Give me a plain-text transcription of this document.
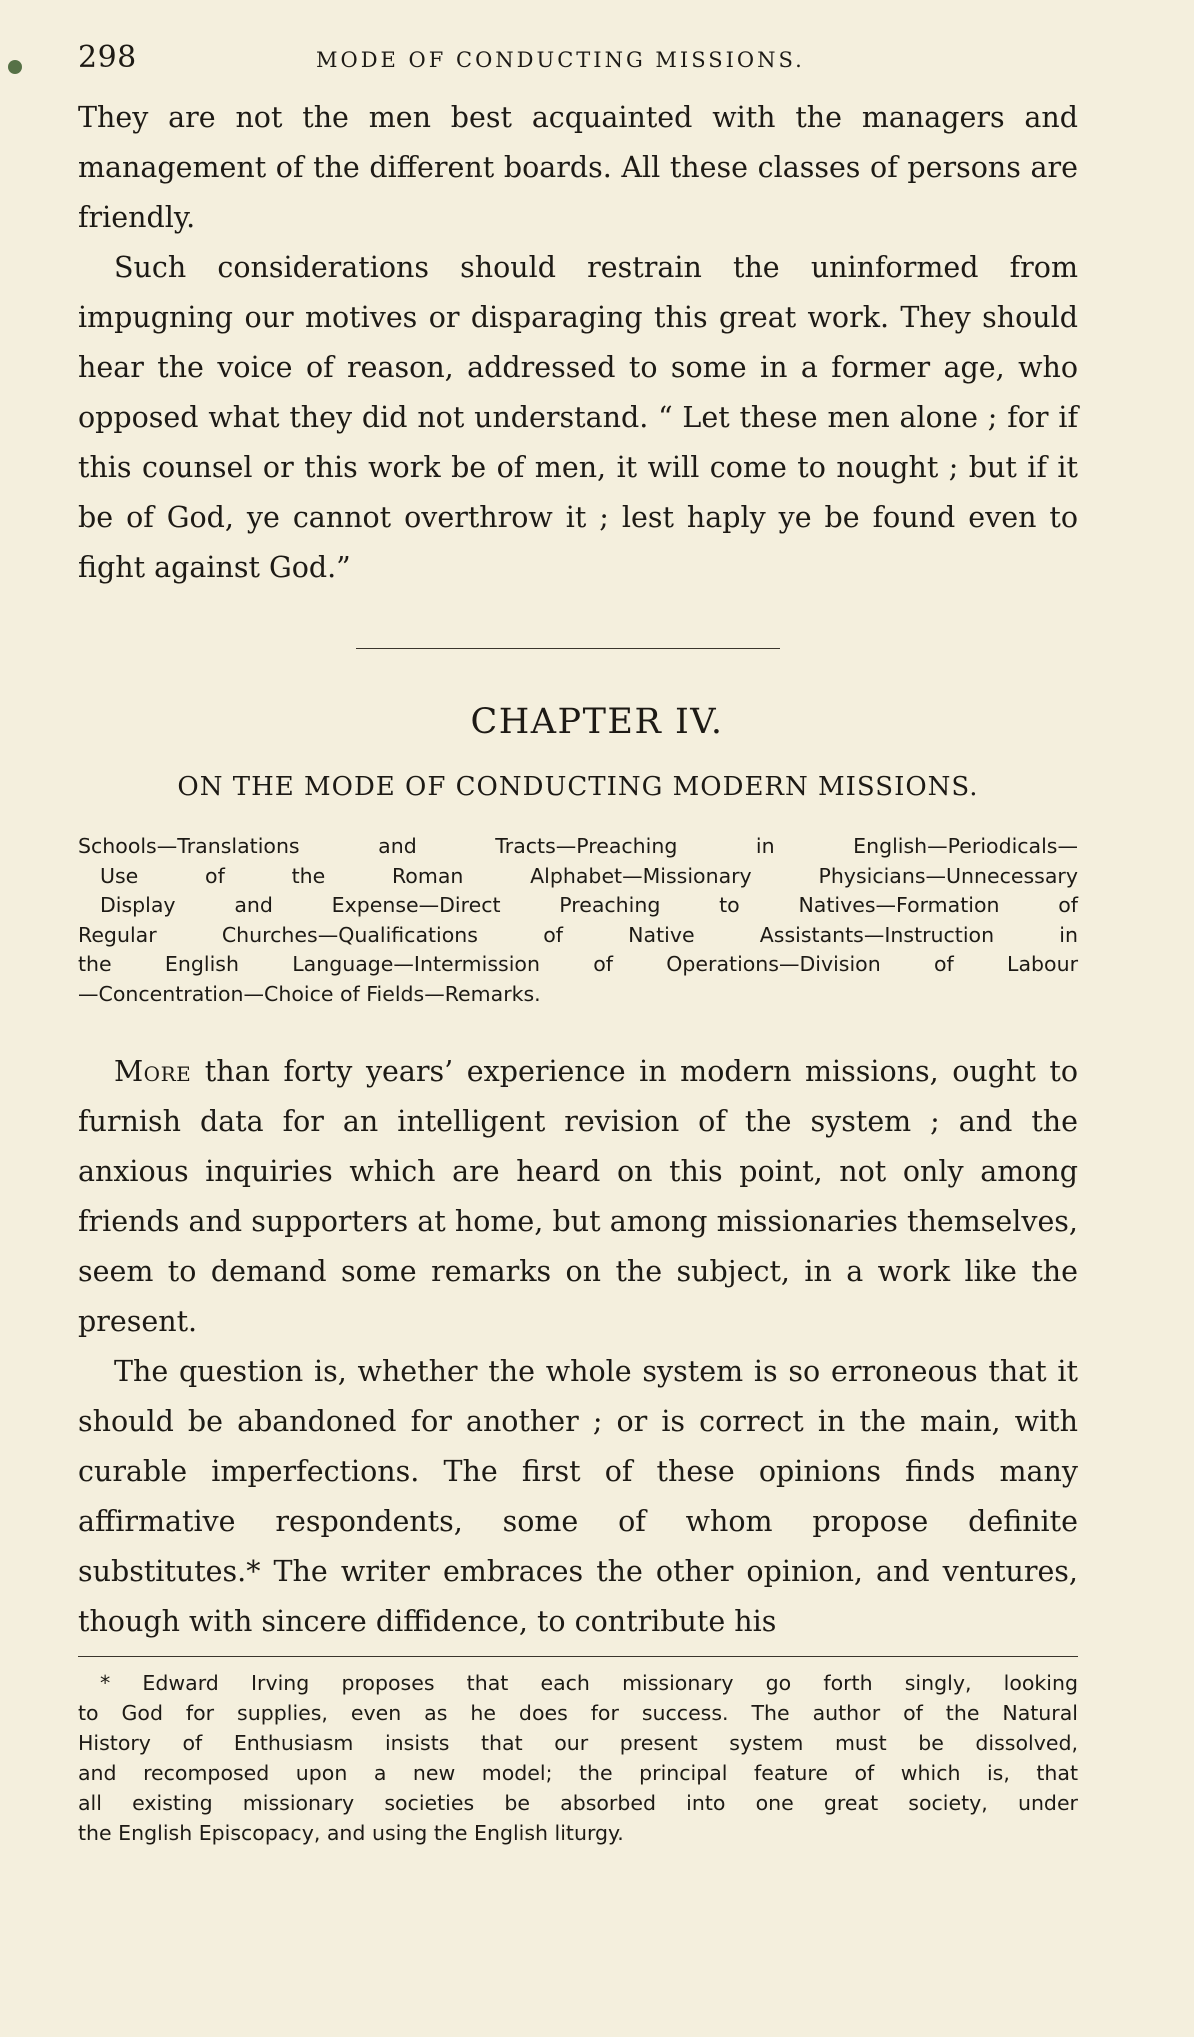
298	MODE OF CONDUCTING MISSIONS.

They are not the men best acquainted with the managers and management of the different boards. All these classes of persons are friendly.

Such considerations should restrain the uninformed from impugning our motives or disparaging this great work. They should hear the voice of reason, addressed to some in a former age, who opposed what they did not understand. “ Let these men alone ; for if this counsel or this work be of men, it will come to nought ; but if it be of God, ye cannot overthrow it ; lest haply ye be found even to fight against God.”

CHAPTER IV.
ON THE MODE OF CONDUCTING MODERN MISSIONS.

Schools—Translations and Tracts—Preaching in English—Periodicals—
Use of the Roman Alphabet—Missionary Physicians—Unnecessary
Display and Expense—Direct Preaching to Natives—Formation of
Regular Churches—Qualifications of Native Assistants—Instruction in
the English Language—Intermission of Operations—Division of Labour
—Concentration—Choice of Fields—Remarks.

More than forty years’ experience in modern missions, ought to furnish data for an intelligent revision of the system ; and the anxious inquiries which are heard on this point, not only among friends and supporters at home, but among missionaries themselves, seem to demand some remarks on the subject, in a work like the present.

The question is, whether the whole system is so erroneous that it should be abandoned for another ; or is correct in the main, with curable imperfections. The first of these opinions finds many affirmative respondents, some of whom propose definite substitutes.* The writer embraces the other opinion, and ventures, though with sincere diffidence, to contribute his

* Edward Irving proposes that each missionary go forth singly, looking
to God for supplies, even as he does for success. The author of the Natural
History of Enthusiasm insists that our present system must be dissolved,
and recomposed upon a new model; the principal feature of which is, that
all existing missionary societies be absorbed into one great society, under
the English Episcopacy, and using the English liturgy.
